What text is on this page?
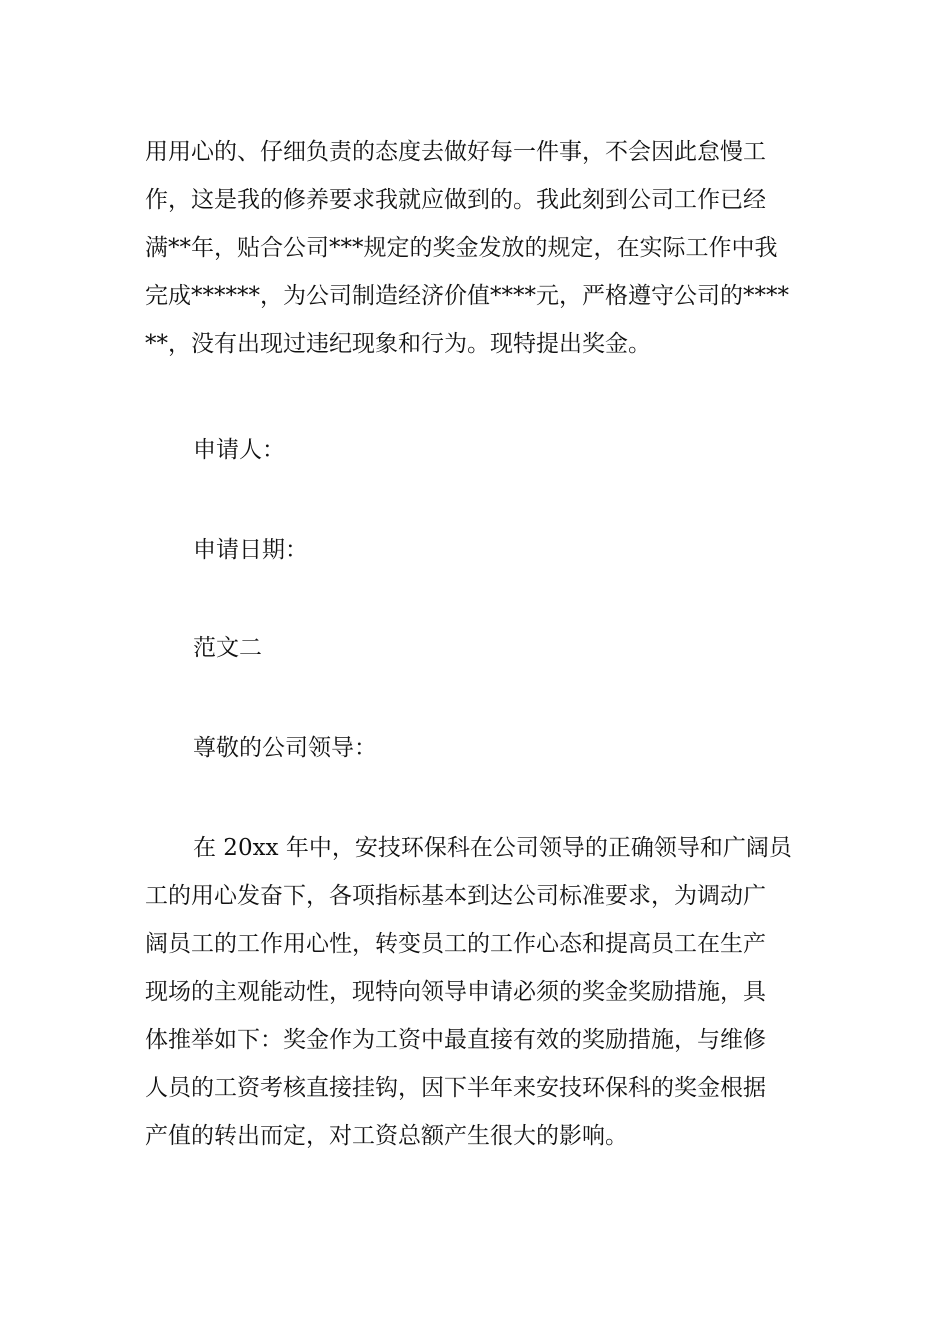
用用心的、仔细负责的态度去做好每一件事，不会因此怠慢工
作，这是我的修养要求我就应做到的。我此刻到公司工作已经
满**年，贴合公司***规定的奖金发放的规定，在实际工作中我
完成******，为公司制造经济价值****元，严格遵守公司的****
**，没有出现过违纪现象和行为。现特提出奖金。
申请人：
申请日期：
范文二
尊敬的公司领导：
在 20xx 年中，安技环保科在公司领导的正确领导和广阔员
工的用心发奋下，各项指标基本到达公司标准要求，为调动广
阔员工的工作用心性，转变员工的工作心态和提高员工在生产
现场的主观能动性，现特向领导申请必须的奖金奖励措施，具
体推举如下：奖金作为工资中最直接有效的奖励措施，与维修
人员的工资考核直接挂钩，因下半年来安技环保科的奖金根据
产值的转出而定，对工资总额产生很大的影响。
